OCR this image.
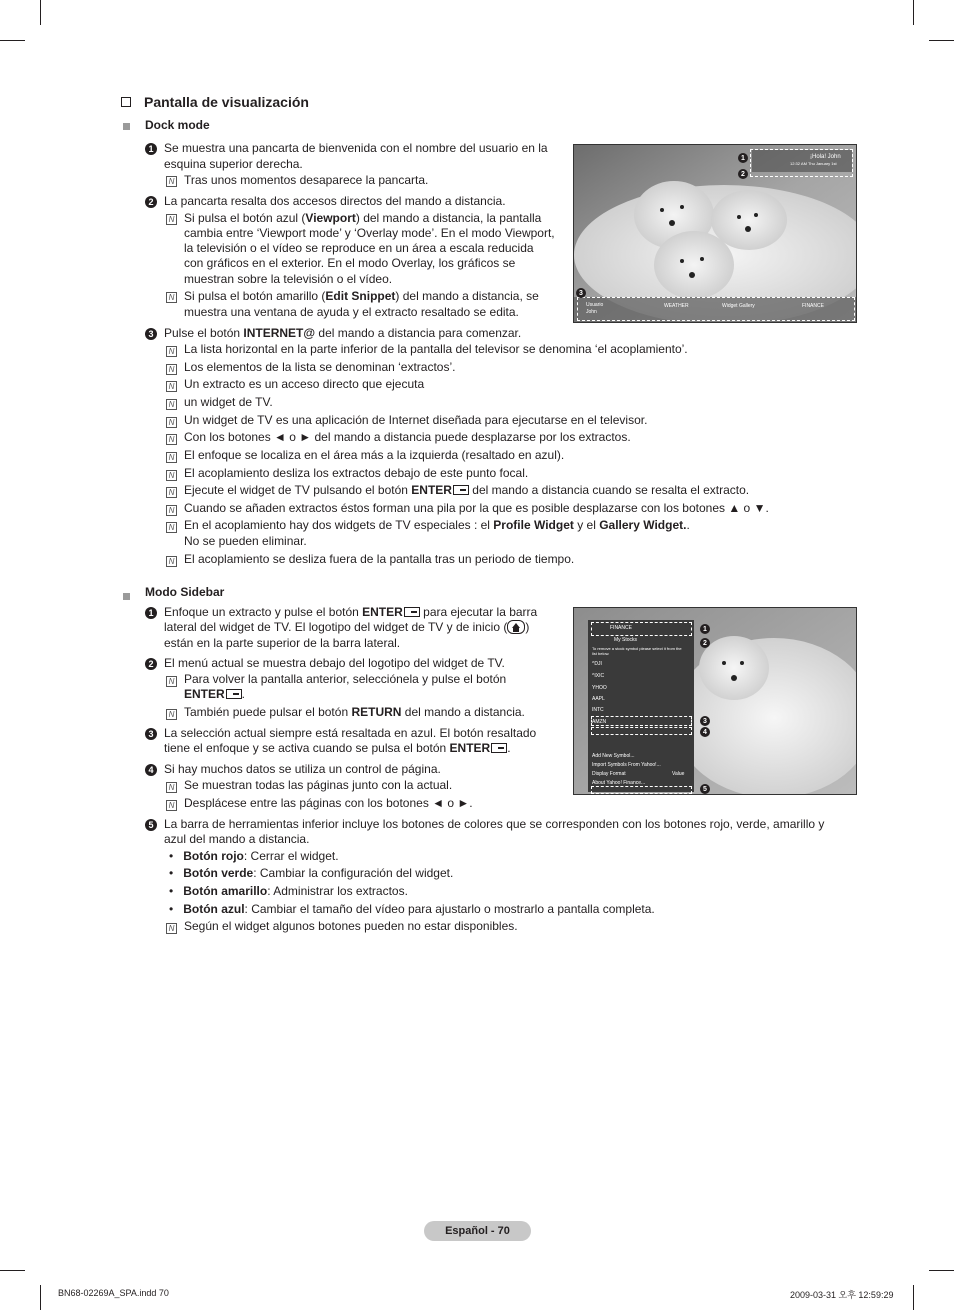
Pantalla de visualización
Dock mode
1 Se muestra una pancarta de bienvenida con el nombre del usuario en la
esquina superior derecha.
N Tras unos momentos desaparece la pancarta.
2 La pancarta resalta dos accesos directos del mando a distancia.
N Si pulsa el botón azul (Viewport) del mando a distancia, la pantalla
cambia entre ‘Viewport mode’ y ‘Overlay mode’. En el modo Viewport,
la televisión o el vídeo se reproduce en un área a escala reducida
con gráficos en el exterior. En el modo Overlay, los gráficos se
muestran sobre la televisión o el vídeo.
N Si pulsa el botón amarillo (Edit Snippet) del mando a distancia, se
muestra una ventana de ayuda y el extracto resaltado se edita.
¡Hola! John
12:32 AM Thu January 1st
1
2
3
Usuario
John
WEATHER	Widget Gallery	FINANCE
3 Pulse el botón INTERNET@ del mando a distancia para comenzar.
N La lista horizontal en la parte inferior de la pantalla del televisor se denomina ‘el acoplamiento’.
N Los elementos de la lista se denominan ‘extractos’.
N Un extracto es un acceso directo que ejecuta
N un widget de TV.
N Un widget de TV es una aplicación de Internet diseñada para ejecutarse en el televisor.
N Con los botones ◄ o ► del mando a distancia puede desplazarse por los extractos.
N El enfoque se localiza en el área más a la izquierda (resaltado en azul).
N El acoplamiento desliza los extractos debajo de este punto focal.
N Ejecute el widget de TV pulsando el botón ENTER del mando a distancia cuando se resalta el extracto.
N Cuando se añaden extractos éstos forman una pila por la que es posible desplazarse con los botones ▲ o ▼.
N En el acoplamiento hay dos widgets de TV especiales : el Profile Widget y el Gallery Widget..
No se pueden eliminar.
N El acoplamiento se desliza fuera de la pantalla tras un periodo de tiempo.
Modo Sidebar
1 Enfoque un extracto y pulse el botón ENTER para ejecutar la barra
lateral del widget de TV. El logotipo del widget de TV y de inicio ( )
están en la parte superior de la barra lateral.
2 El menú actual se muestra debajo del logotipo del widget de TV.
N Para volver la pantalla anterior, selecciónela y pulse el botón
ENTER .
N También puede pulsar el botón RETURN del mando a distancia.
3 La selección actual siempre está resaltada en azul. El botón resaltado
tiene el enfoque y se activa cuando se pulsa el botón ENTER .
4 Si hay muchos datos se utiliza un control de página.
N Se muestran todas las páginas junto con la actual.
N Desplácese entre las páginas con los botones ◄ o ►.
FINANCE
My Stocks
To remove a stock symbol please select it from the list below.
^DJI
^IXIC
YHOO
AAPL
INTC
AMZN
Add New Symbol...
Import Symbols From Yahoo!...
Display Format	Value
About Yahoo! Finance...
1
2
3
4
5
5 La barra de herramientas inferior incluye los botones de colores que se corresponden con los botones rojo, verde, amarillo y
azul del mando a distancia.
•   Botón rojo: Cerrar el widget.
•   Botón verde: Cambiar la configuración del widget.
•   Botón amarillo: Administrar los extractos.
•   Botón azul: Cambiar el tamaño del vídeo para ajustarlo o mostrarlo a pantalla completa.
N Según el widget algunos botones pueden no estar disponibles.
Español - 70
BN68-02269A_SPA.indd 70	2009-03-31 오후 12:59:29
